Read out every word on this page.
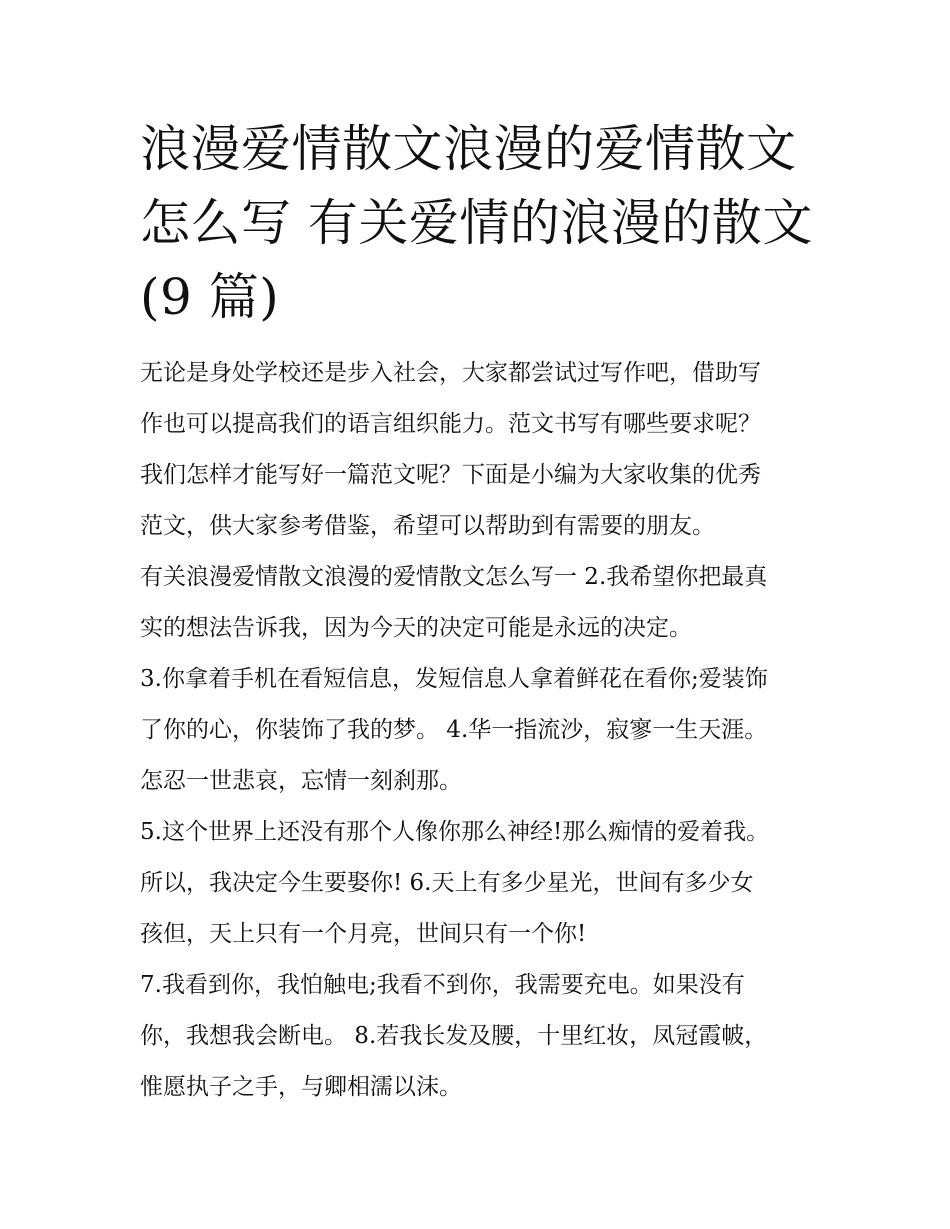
浪漫爱情散文浪漫的爱情散文
怎么写 有关爱情的浪漫的散文
(9 篇)

无论是身处学校还是步入社会，大家都尝试过写作吧，借助写
作也可以提高我们的语言组织能力。范文书写有哪些要求呢？
我们怎样才能写好一篇范文呢？下面是小编为大家收集的优秀
范文，供大家参考借鉴，希望可以帮助到有需要的朋友。

有关浪漫爱情散文浪漫的爱情散文怎么写一 2.我希望你把最真
实的想法告诉我，因为今天的决定可能是永远的决定。

3.你拿着手机在看短信息，发短信息人拿着鲜花在看你;爱装饰
了你的心，你装饰了我的梦。 4.华一指流沙，寂寥一生天涯。
怎忍一世悲哀，忘情一刻刹那。

5.这个世界上还没有那个人像你那么神经!那么痴情的爱着我。
所以，我决定今生要娶你! 6.天上有多少星光，世间有多少女
孩但，天上只有一个月亮，世间只有一个你!

7.我看到你，我怕触电;我看不到你，我需要充电。如果没有
你，我想我会断电。 8.若我长发及腰，十里红妆，凤冠霞帔，
惟愿执子之手，与卿相濡以沫。
